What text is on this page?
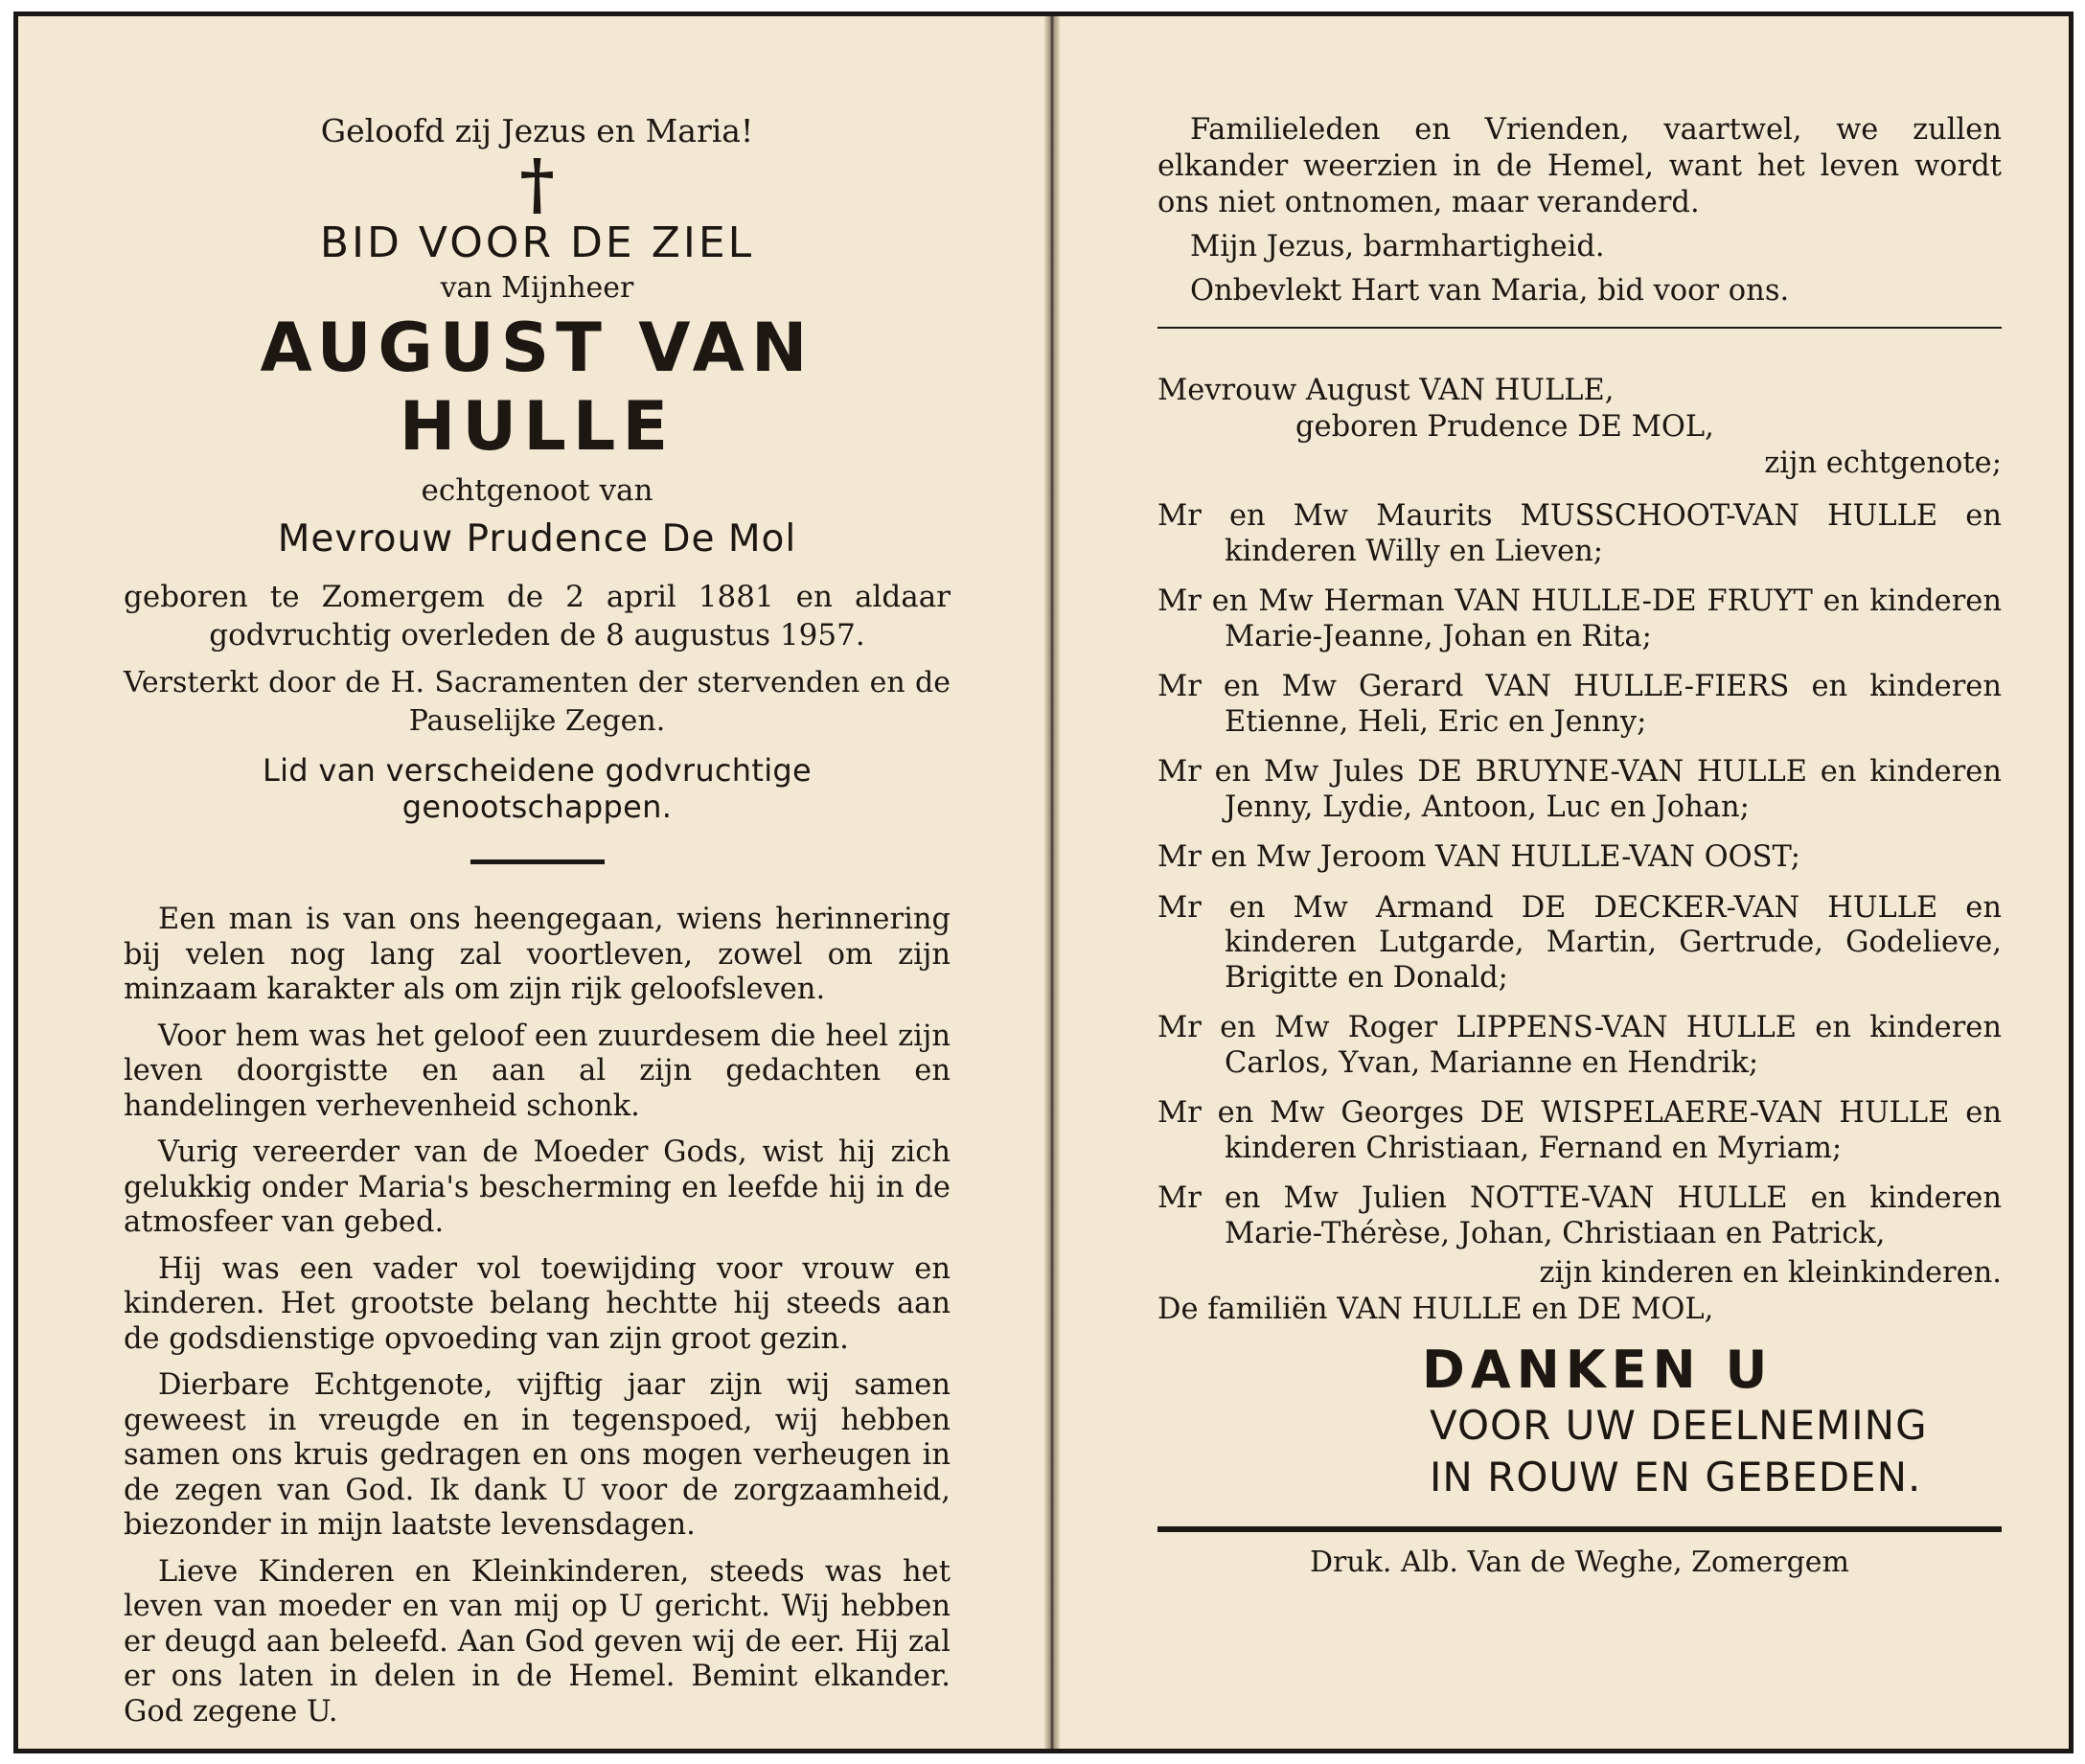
Geloofd zij Jezus en Maria!
†
BID VOOR DE ZIEL
van Mijnheer
AUGUST VAN HULLE
echtgenoot van
Mevrouw Prudence De Mol
geboren te Zomergem de 2 april 1881 en aldaar godvruchtig overleden de 8 augustus 1957.
Versterkt door de H. Sacramenten der stervenden en de Pauselijke Zegen.
Lid van verscheidene godvruchtige genootschappen.

Een man is van ons heengegaan, wiens herinnering bij velen nog lang zal voortleven, zowel om zijn minzaam karakter als om zijn rijk geloofsleven.

Voor hem was het geloof een zuurdesem die heel zijn leven doorgistte en aan al zijn gedachten en handelingen verhevenheid schonk.

Vurig vereerder van de Moeder Gods, wist hij zich gelukkig onder Maria's bescherming en leefde hij in de atmosfeer van gebed.

Hij was een vader vol toewijding voor vrouw en kinderen. Het grootste belang hechtte hij steeds aan de godsdienstige opvoeding van zijn groot gezin.

Dierbare Echtgenote, vijftig jaar zijn wij samen geweest in vreugde en in tegenspoed, wij hebben samen ons kruis gedragen en ons mogen verheugen in de zegen van God. Ik dank U voor de zorgzaamheid, biezonder in mijn laatste levensdagen.

Lieve Kinderen en Kleinkinderen, steeds was het leven van moeder en van mij op U gericht. Wij hebben er deugd aan beleefd. Aan God geven wij de eer. Hij zal er ons laten in delen in de Hemel. Bemint elkander. God zegene U.

Familieleden en Vrienden, vaartwel, we zullen elkander weerzien in de Hemel, want het leven wordt ons niet ontnomen, maar veranderd.

Mijn Jezus, barmhartigheid.
Onbevlekt Hart van Maria, bid voor ons.
Mevrouw August VAN HULLE,
geboren Prudence DE MOL,
zijn echtgenote;
Mr en Mw Maurits MUSSCHOOT-VAN HULLE en kinderen Willy en Lieven;
Mr en Mw Herman VAN HULLE-DE FRUYT en kinderen Marie-Jeanne, Johan en Rita;
Mr en Mw Gerard VAN HULLE-FIERS en kinderen Etienne, Heli, Eric en Jenny;
Mr en Mw Jules DE BRUYNE-VAN HULLE en kinderen Jenny, Lydie, Antoon, Luc en Johan;
Mr en Mw Jeroom VAN HULLE-VAN OOST;
Mr en Mw Armand DE DECKER-VAN HULLE en kinderen Lutgarde, Martin, Gertrude, Godelieve, Brigitte en Donald;
Mr en Mw Roger LIPPENS-VAN HULLE en kinderen Carlos, Yvan, Marianne en Hendrik;
Mr en Mw Georges DE WISPELAERE-VAN HULLE en kinderen Christiaan, Fernand en Myriam;
Mr en Mw Julien NOTTE-VAN HULLE en kinderen Marie-Thérèse, Johan, Christiaan en Patrick,
zijn kinderen en kleinkinderen.
De familiën VAN HULLE en DE MOL,
DANKEN U
VOOR UW DEELNEMING
IN ROUW EN GEBEDEN.
Druk. Alb. Van de Weghe, Zomergem
